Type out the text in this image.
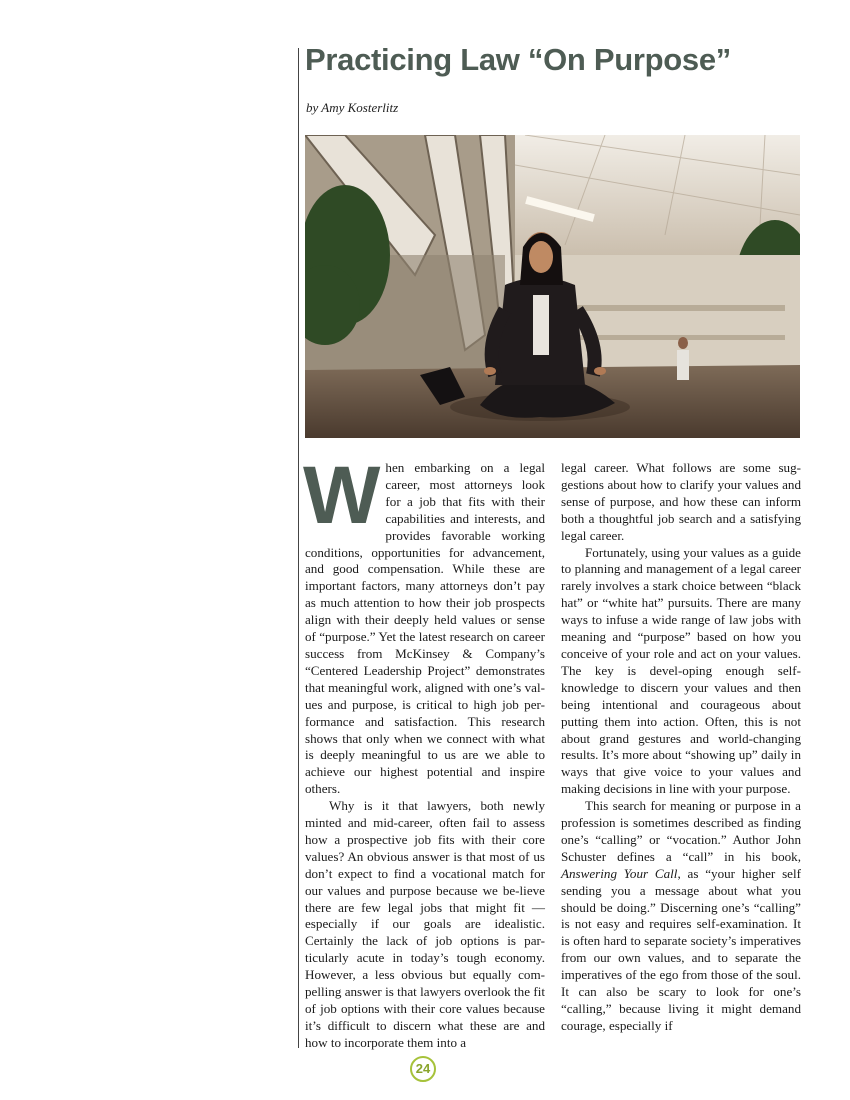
Practicing Law “On Purpose”
by Amy Kosterlitz

When embarking on a legal career, most attorneys look for a job that fits with their capabilities and interests, and provides favorable working conditions, opportunities for advancement, and good compensation. While these are important factors, many attorneys don’t pay as much attention to how their job prospects align with their deeply held values or sense of “purpose.” Yet the latest research on career success from McKinsey & Company’s “Centered Leadership Project” demonstrates that meaningful work, aligned with one’s val-ues and purpose, is critical to high job per-formance and satisfaction. This research shows that only when we connect with what is deeply meaningful to us are we able to achieve our highest potential and inspire others.

Why is it that lawyers, both newly minted and mid-career, often fail to assess how a prospective job fits with their core values? An obvious answer is that most of us don’t expect to find a vocational match for our values and purpose because we be-lieve there are few legal jobs that might fit — especially if our goals are idealistic. Certainly the lack of job options is par-ticularly acute in today’s tough economy. However, a less obvious but equally com-pelling answer is that lawyers overlook the fit of job options with their core values because it’s difficult to discern what these are and how to incorporate them into a

legal career. What follows are some sug-gestions about how to clarify your values and sense of purpose, and how these can inform both a thoughtful job search and a satisfying legal career.

Fortunately, using your values as a guide to planning and management of a legal career rarely involves a stark choice between “black hat” or “white hat” pursuits. There are many ways to infuse a wide range of law jobs with meaning and “purpose” based on how you conceive of your role and act on your values. The key is devel-oping enough self-knowledge to discern your values and then being intentional and courageous about putting them into action. Often, this is not about grand gestures and world-changing results. It’s more about “showing up” daily in ways that give voice to your values and making decisions in line with your purpose.

This search for meaning or purpose in a profession is sometimes described as finding one’s “calling” or “vocation.” Author John Schuster defines a “call” in his book, Answering Your Call, as “your higher self sending you a message about what you should be doing.” Discerning one’s “calling” is not easy and requires self-examination. It is often hard to separate society’s imperatives from our own values, and to separate the imperatives of the ego from those of the soul. It can also be scary to look for one’s “calling,” because living it might demand courage, especially if

24
